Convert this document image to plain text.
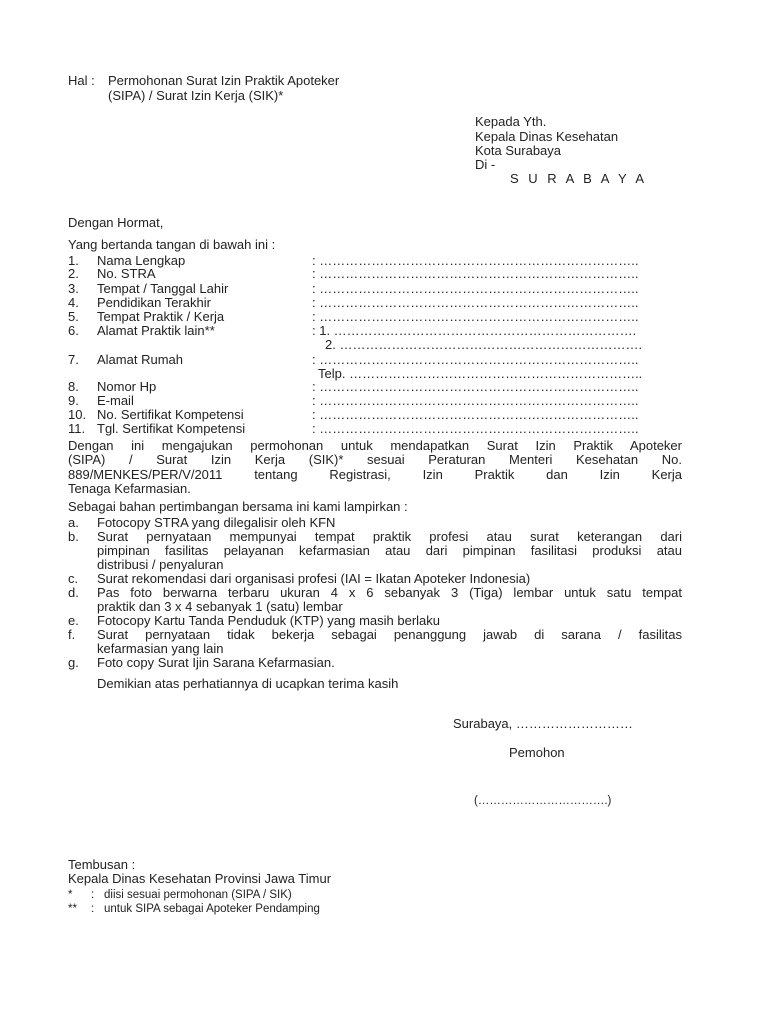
Hal : Permohonan Surat Izin Praktik Apoteker
(SIPA) / Surat Izin Kerja (SIK)*
Kepada Yth.
Kepala Dinas Kesehatan
Kota Surabaya
Di -
S U R A B A Y A
Dengan Hormat,
Yang bertanda tangan di bawah ini :
1. Nama Lengkap	: ………………………………………………………………..
2. No. STRA	: ………………………………………………………………..
3. Tempat / Tanggal Lahir	: ………………………………………………………………..
4. Pendidikan Terakhir	: ………………………………………………………………..
5. Tempat Praktik / Kerja	: ………………………………………………………………..
6. Alamat Praktik lain**	: 1. …………………………………………………………….
2. …………………………………………………………….
7. Alamat Rumah	: ………………………………………………………………..
Telp. …………………………………………………………..
8. Nomor Hp	: ………………………………………………………………..
9. E-mail	: ………………………………………………………………..
10. No. Sertifikat Kompetensi	: ………………………………………………………………..
11. Tgl. Sertifikat Kompetensi	: ………………………………………………………………..
Dengan ini mengajukan permohonan untuk mendapatkan Surat Izin Praktik Apoteker
(SIPA) / Surat Izin Kerja (SIK)* sesuai Peraturan Menteri Kesehatan No.
889/MENKES/PER/V/2011 tentang Registrasi, Izin Praktik dan Izin Kerja
Tenaga Kefarmasian.
Sebagai bahan pertimbangan bersama ini kami lampirkan :
a. Fotocopy STRA yang dilegalisir oleh KFN
b. Surat pernyataan mempunyai tempat praktik profesi atau surat keterangan dari
pimpinan fasilitas pelayanan kefarmasian atau dari pimpinan fasilitasi produksi atau
distribusi / penyaluran
c. Surat rekomendasi dari organisasi profesi (IAI = Ikatan Apoteker Indonesia)
d. Pas foto berwarna terbaru ukuran 4 x 6 sebanyak 3 (Tiga) lembar untuk satu tempat
praktik dan 3 x 4 sebanyak 1 (satu) lembar
e. Fotocopy Kartu Tanda Penduduk (KTP) yang masih berlaku
f. Surat pernyataan tidak bekerja sebagai penanggung jawab di sarana / fasilitas
kefarmasian yang lain
g. Foto copy Surat Ijin Sarana Kefarmasian.
Demikian atas perhatiannya di ucapkan terima kasih
Surabaya, ………………………
Pemohon
(…………………………….)
Tembusan :
Kepala Dinas Kesehatan Provinsi Jawa Timur
* : diisi sesuai permohonan (SIPA / SIK)
** : untuk SIPA sebagai Apoteker Pendamping
